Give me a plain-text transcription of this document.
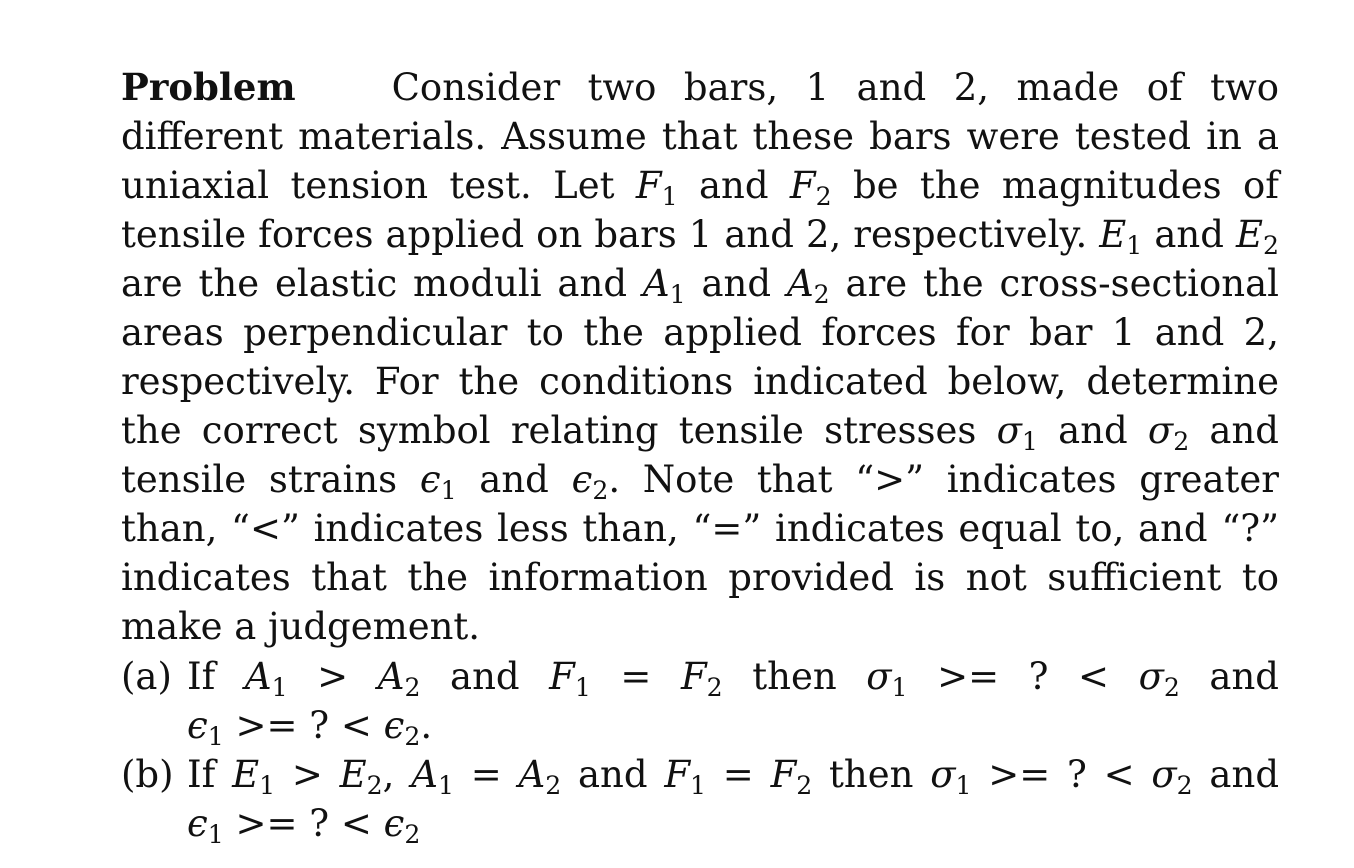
Problem	Consider two bars, 1 and 2, made of two different materials. Assume that these bars were tested in a uniaxial tension test. Let $F_1$ and $F_2$ be the magnitudes of tensile forces applied on bars 1 and 2, respectively. $E_1$ and $E_2$ are the elastic moduli and $A_1$ and $A_2$ are the cross-sectional areas perpendicular to the applied forces for bar 1 and 2, respectively. For the conditions indicated below, determine the correct symbol relating tensile stresses $\sigma_1$ and $\sigma_2$ and tensile strains $\epsilon_1$ and $\epsilon_2$. Note that “>” indicates greater than, “<” indicates less than, “=” indicates equal to, and “?” indicates that the information provided is not sufficient to make a judgement.
(a) If $A_1 > A_2$ and $F_1 = F_2$ then $\sigma_1$ >= ? < $\sigma_2$ and $\epsilon_1$ >= ? < $\epsilon_2$.
(b) If $E_1 > E_2$, $A_1 = A_2$ and $F_1 = F_2$ then $\sigma_1$ >= ? < $\sigma_2$ and $\epsilon_1$ >= ? < $\epsilon_2$
